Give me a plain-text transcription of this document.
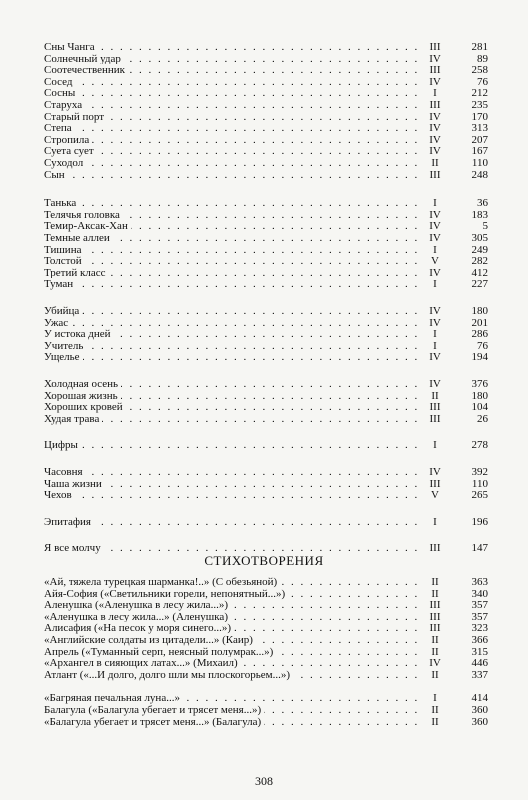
Сны Чанга . . .	III	281
Солнечный удар . . .	IV	89
Соотечественник . . .	III	258
Сосед . . .	IV	76
Сосны . . .	I	212
Старуха . . .	III	235
Старый порт . . .	IV	170
Степа . . .	IV	313
Стропила . . .	IV	207
Суета сует . . .	IV	167
Суходол . . .	II	110
Сын . . .	III	248
Танька . . .	I	36
Телячья головка . . .	IV	183
Темир-Аксак-Хан . . .	IV	5
Темные аллеи . . .	IV	305
Тишина . . .	I	249
Толстой . . .	V	282
Третий класс . . .	IV	412
Туман . . .	I	227
Убийца . . .	IV	180
Ужас . . .	IV	201
У истока дней . . .	I	286
Учитель . . .	I	76
Ущелье . . .	IV	194
Холодная осень . . .	IV	376
Хорошая жизнь . . .	II	180
Хороших кровей . . .	III	104
Худая трава . . .	III	26
Цифры . . .	I	278
Часовня . . .	IV	392
Чаша жизни . . .	III	110
Чехов . . .	V	265
Эпитафия . . .	I	196
Я все молчу . . .	III	147
СТИХОТВОРЕНИЯ
«Ай, тяжела турецкая шарманка!..» (С обезьяной) . . .	II	363
Айя-София («Светильники горели, непонятный...») . . .	II	340
Аленушка («Аленушка в лесу жила...») . . .	III	357
«Аленушка в лесу жила...» (Аленушка) . . .	III	357
Алисафия («На песок у моря синего...») . . .	III	323
«Английские солдаты из цитадели...» (Каир) . . .	II	366
Апрель («Туманный серп, неясный полумрак...») . . .	II	315
«Архангел в сияющих латах...» (Михаил) . . .	IV	446
Атлант («...И долго, долго шли мы плоскогорьем...») . . .	II	337
«Багряная печальная луна...» . . .	I	414
Балагула («Балагула убегает и трясет меня...») . . .	II	360
«Балагула убегает и трясет меня...» (Балагула) . . .	II	360
308
